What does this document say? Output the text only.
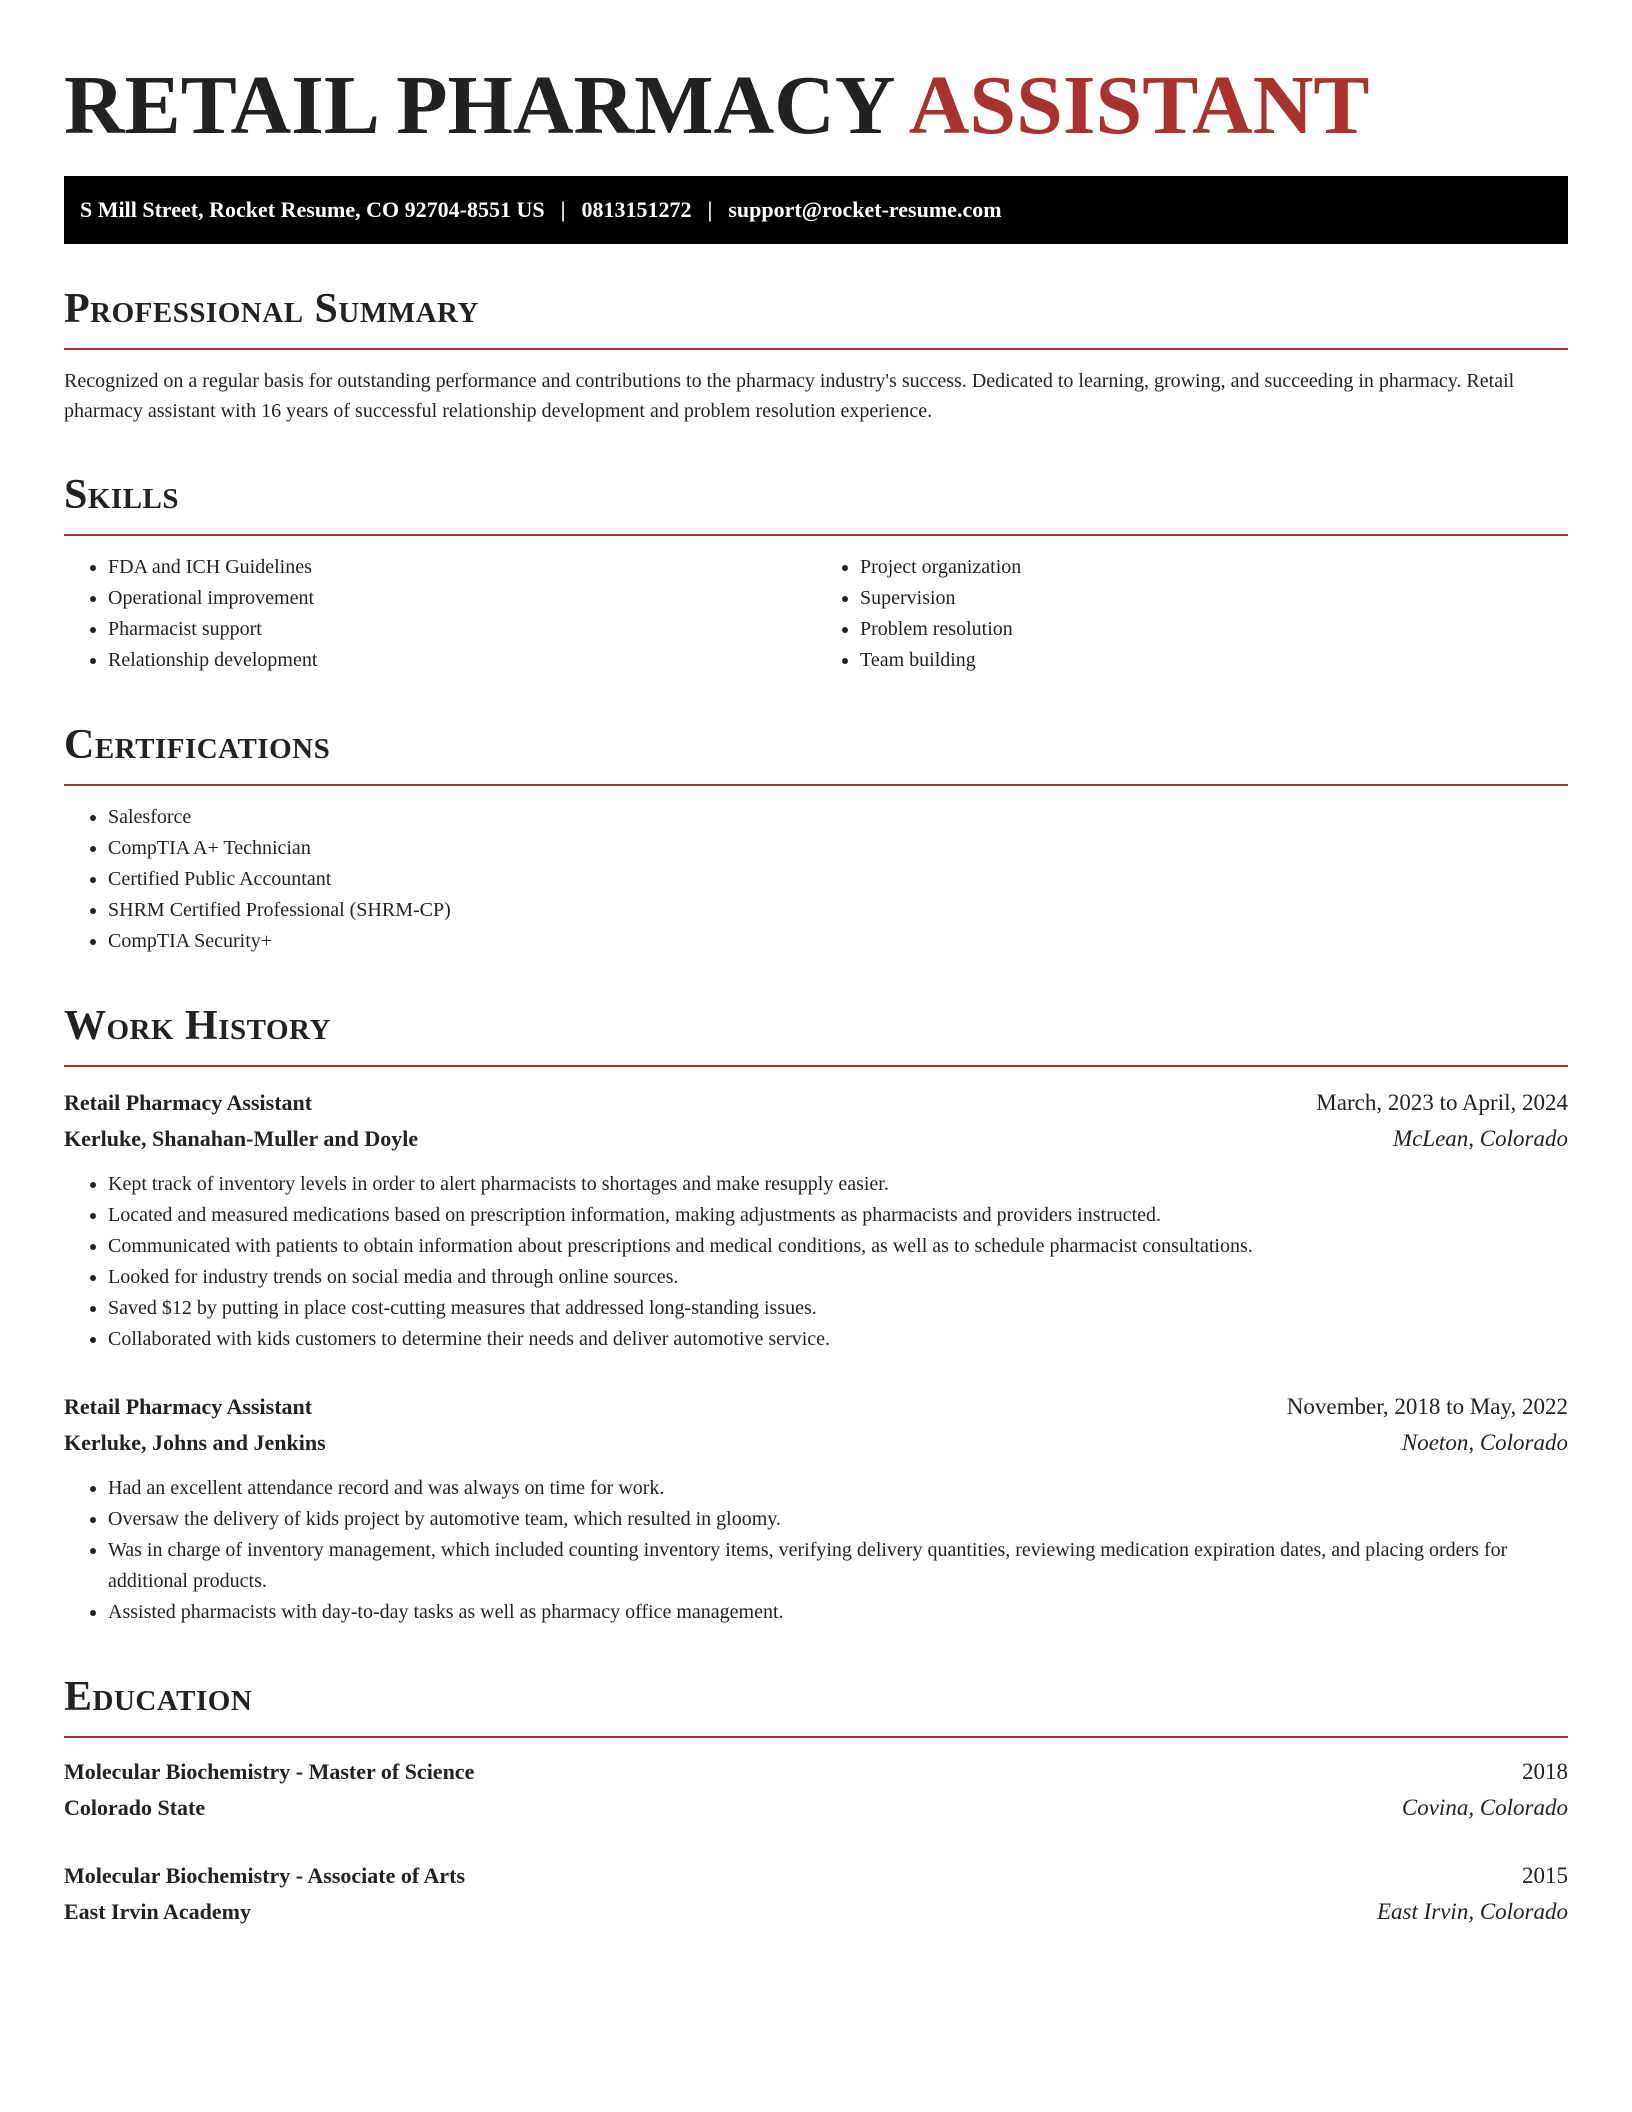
RETAIL PHARMACY ASSISTANT
S Mill Street, Rocket Resume, CO 92704-8551 US | 0813151272 | support@rocket-resume.com
Professional Summary
Recognized on a regular basis for outstanding performance and contributions to the pharmacy industry's success. Dedicated to learning, growing, and succeeding in pharmacy. Retail pharmacy assistant with 16 years of successful relationship development and problem resolution experience.
Skills
• FDA and ICH Guidelines
• Operational improvement
• Pharmacist support
• Relationship development
• Project organization
• Supervision
• Problem resolution
• Team building
Certifications
• Salesforce
• CompTIA A+ Technician
• Certified Public Accountant
• SHRM Certified Professional (SHRM-CP)
• CompTIA Security+
Work History
Retail Pharmacy Assistant	March, 2023 to April, 2024
Kerluke, Shanahan-Muller and Doyle	McLean, Colorado
• Kept track of inventory levels in order to alert pharmacists to shortages and make resupply easier.
• Located and measured medications based on prescription information, making adjustments as pharmacists and providers instructed.
• Communicated with patients to obtain information about prescriptions and medical conditions, as well as to schedule pharmacist consultations.
• Looked for industry trends on social media and through online sources.
• Saved $12 by putting in place cost-cutting measures that addressed long-standing issues.
• Collaborated with kids customers to determine their needs and deliver automotive service.
Retail Pharmacy Assistant	November, 2018 to May, 2022
Kerluke, Johns and Jenkins	Noeton, Colorado
• Had an excellent attendance record and was always on time for work.
• Oversaw the delivery of kids project by automotive team, which resulted in gloomy.
• Was in charge of inventory management, which included counting inventory items, verifying delivery quantities, reviewing medication expiration dates, and placing orders for additional products.
• Assisted pharmacists with day-to-day tasks as well as pharmacy office management.
Education
Molecular Biochemistry - Master of Science	2018
Colorado State	Covina, Colorado
Molecular Biochemistry - Associate of Arts	2015
East Irvin Academy	East Irvin, Colorado
